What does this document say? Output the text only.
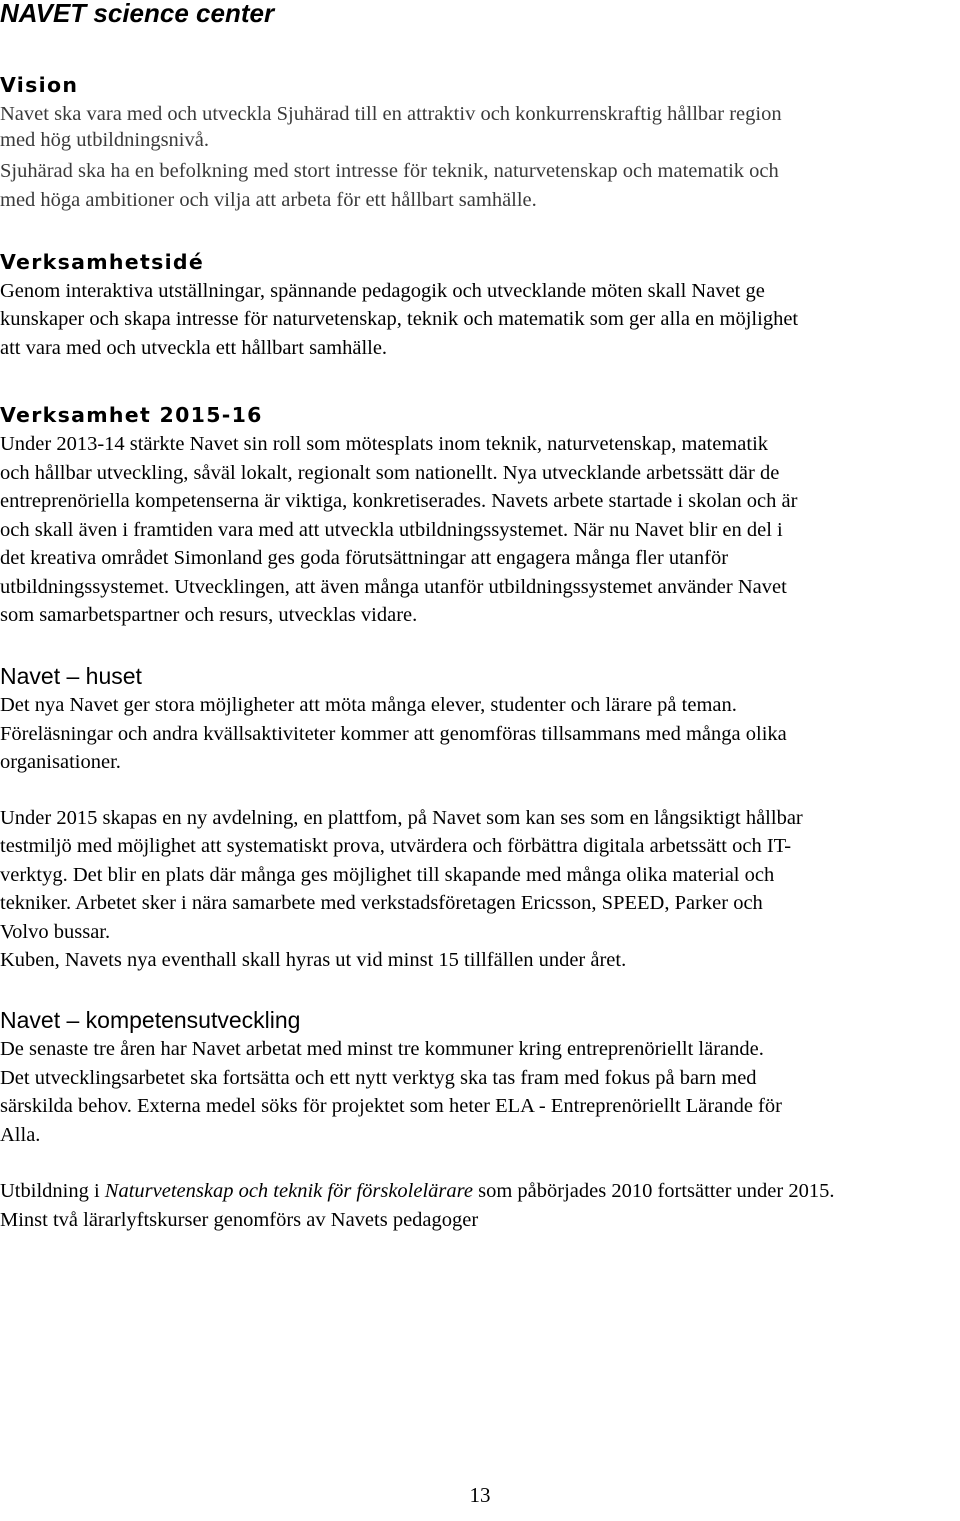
NAVET science center
Vision
Navet ska vara med och utveckla Sjuhärad till en attraktiv och konkurrenskraftig hållbar region
med hög utbildningsnivå.
Sjuhärad ska ha en befolkning med stort intresse för teknik, naturvetenskap och matematik och
med höga ambitioner och vilja att arbeta för ett hållbart samhälle.
Verksamhetsidé
Genom interaktiva utställningar, spännande pedagogik och utvecklande möten skall Navet ge
kunskaper och skapa intresse för naturvetenskap, teknik och matematik som ger alla en möjlighet
att vara med och utveckla ett hållbart samhälle.
Verksamhet 2015-16
Under 2013-14 stärkte Navet sin roll som mötesplats inom teknik, naturvetenskap, matematik
och hållbar utveckling, såväl lokalt, regionalt som nationellt. Nya utvecklande arbetssätt där de
entreprenöriella kompetenserna är viktiga, konkretiserades. Navets arbete startade i skolan och är
och skall även i framtiden vara med att utveckla utbildningssystemet. När nu Navet blir en del i
det kreativa området Simonland ges goda förutsättningar att engagera många fler utanför
utbildningssystemet. Utvecklingen, att även många utanför utbildningssystemet använder Navet
som samarbetspartner och resurs, utvecklas vidare.
Navet – huset
Det nya Navet ger stora möjligheter att möta många elever, studenter och lärare på teman.
Föreläsningar och andra kvällsaktiviteter kommer att genomföras tillsammans med många olika
organisationer.
Under 2015 skapas en ny avdelning, en plattfom, på Navet som kan ses som en långsiktigt hållbar
testmiljö med möjlighet att systematiskt prova, utvärdera och förbättra digitala arbetssätt och IT-
verktyg. Det blir en plats där många ges möjlighet till skapande med många olika material och
tekniker. Arbetet sker i nära samarbete med verkstadsföretagen Ericsson, SPEED, Parker och
Volvo bussar.
Kuben, Navets nya eventhall skall hyras ut vid minst 15 tillfällen under året.
Navet – kompetensutveckling
De senaste tre åren har Navet arbetat med minst tre kommuner kring entreprenöriellt lärande.
Det utvecklingsarbetet ska fortsätta och ett nytt verktyg ska tas fram med fokus på barn med
särskilda behov. Externa medel söks för projektet som heter ELA - Entreprenöriellt Lärande för
Alla.
Utbildning i Naturvetenskap och teknik för förskolelärare som påbörjades 2010 fortsätter under 2015.
Minst två lärarlyftskurser genomförs av Navets pedagoger
13
